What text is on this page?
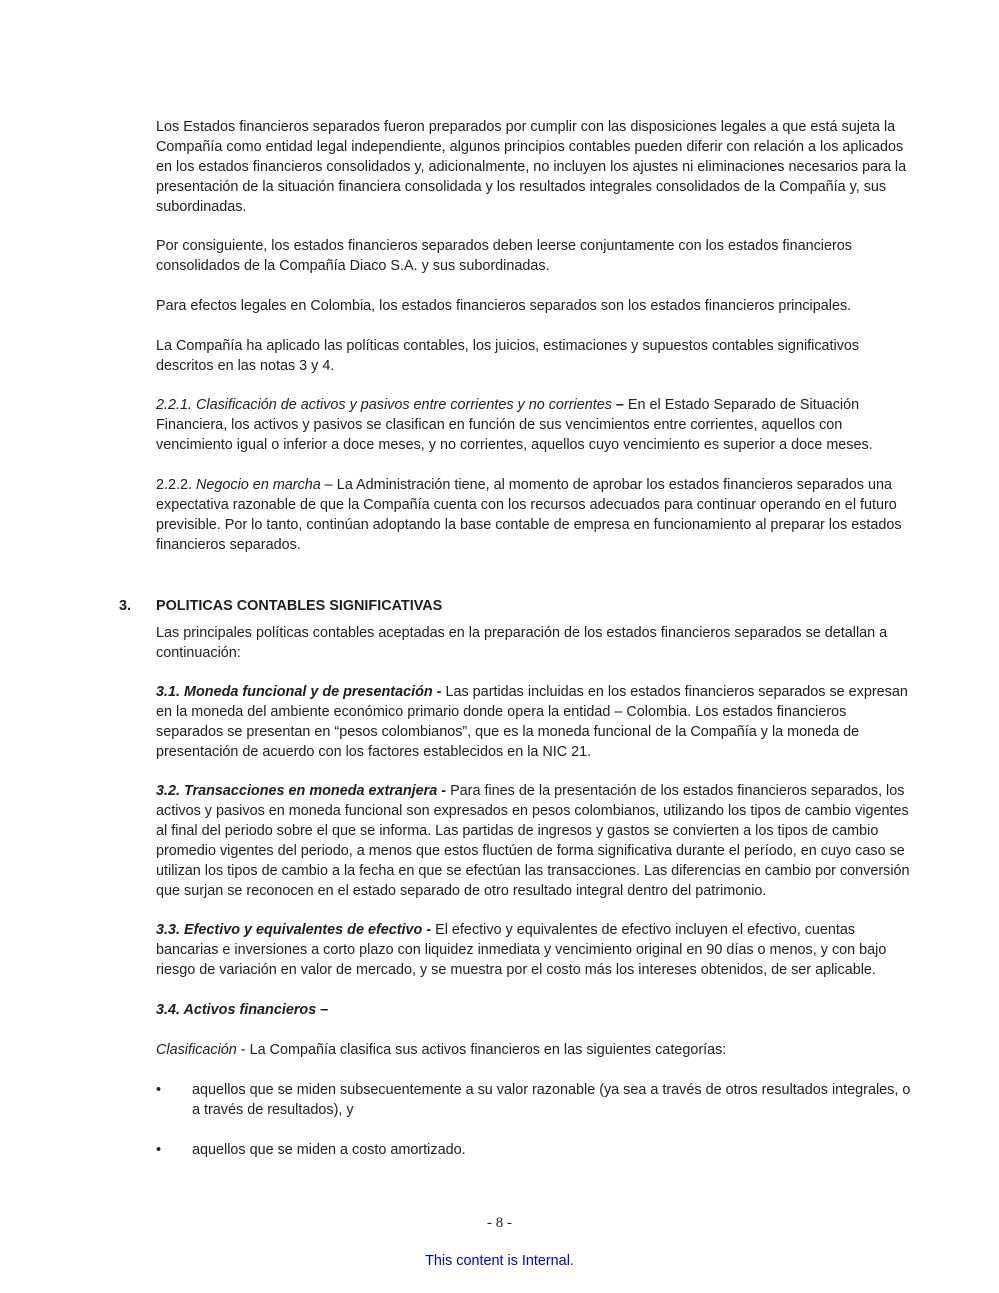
Los Estados financieros separados fueron preparados por cumplir con las disposiciones legales a que está sujeta la Compañía como entidad legal independiente, algunos principios contables pueden diferir con relación a los aplicados en los estados financieros consolidados y, adicionalmente, no incluyen los ajustes ni eliminaciones necesarios para la presentación de la situación financiera consolidada y los resultados integrales consolidados de la Compañía y, sus subordinadas.

Por consiguiente, los estados financieros separados deben leerse conjuntamente con los estados financieros consolidados de la Compañía Diaco S.A. y sus subordinadas.

Para efectos legales en Colombia, los estados financieros separados son los estados financieros principales.

La Compañía ha aplicado las políticas contables, los juicios, estimaciones y supuestos contables significativos descritos en las notas 3 y 4.

2.2.1. Clasificación de activos y pasivos entre corrientes y no corrientes – En el Estado Separado de Situación Financiera, los activos y pasivos se clasifican en función de sus vencimientos entre corrientes, aquellos con vencimiento igual o inferior a doce meses, y no corrientes, aquellos cuyo vencimiento es superior a doce meses.

2.2.2. Negocio en marcha – La Administración tiene, al momento de aprobar los estados financieros separados una expectativa razonable de que la Compañía cuenta con los recursos adecuados para continuar operando en el futuro previsible. Por lo tanto, continúan adoptando la base contable de empresa en funcionamiento al preparar los estados financieros separados.

3. POLITICAS CONTABLES SIGNIFICATIVAS

Las principales políticas contables aceptadas en la preparación de los estados financieros separados se detallan a continuación:

3.1. Moneda funcional y de presentación - Las partidas incluidas en los estados financieros separados se expresan en la moneda del ambiente económico primario donde opera la entidad – Colombia. Los estados financieros separados se presentan en “pesos colombianos”, que es la moneda funcional de la Compañía y la moneda de presentación de acuerdo con los factores establecidos en la NIC 21.

3.2. Transacciones en moneda extranjera - Para fines de la presentación de los estados financieros separados, los activos y pasivos en moneda funcional son expresados en pesos colombianos, utilizando los tipos de cambio vigentes al final del periodo sobre el que se informa. Las partidas de ingresos y gastos se convierten a los tipos de cambio promedio vigentes del periodo, a menos que estos fluctúen de forma significativa durante el período, en cuyo caso se utilizan los tipos de cambio a la fecha en que se efectúan las transacciones. Las diferencias en cambio por conversión que surjan se reconocen en el estado separado de otro resultado integral dentro del patrimonio.

3.3. Efectivo y equivalentes de efectivo - El efectivo y equivalentes de efectivo incluyen el efectivo, cuentas bancarias e inversiones a corto plazo con liquidez inmediata y vencimiento original en 90 días o menos, y con bajo riesgo de variación en valor de mercado, y se muestra por el costo más los intereses obtenidos, de ser aplicable.

3.4. Activos financieros –

Clasificación - La Compañía clasifica sus activos financieros en las siguientes categorías:

• aquellos que se miden subsecuentemente a su valor razonable (ya sea a través de otros resultados integrales, o a través de resultados), y
• aquellos que se miden a costo amortizado.
- 8 -
This content is Internal.
